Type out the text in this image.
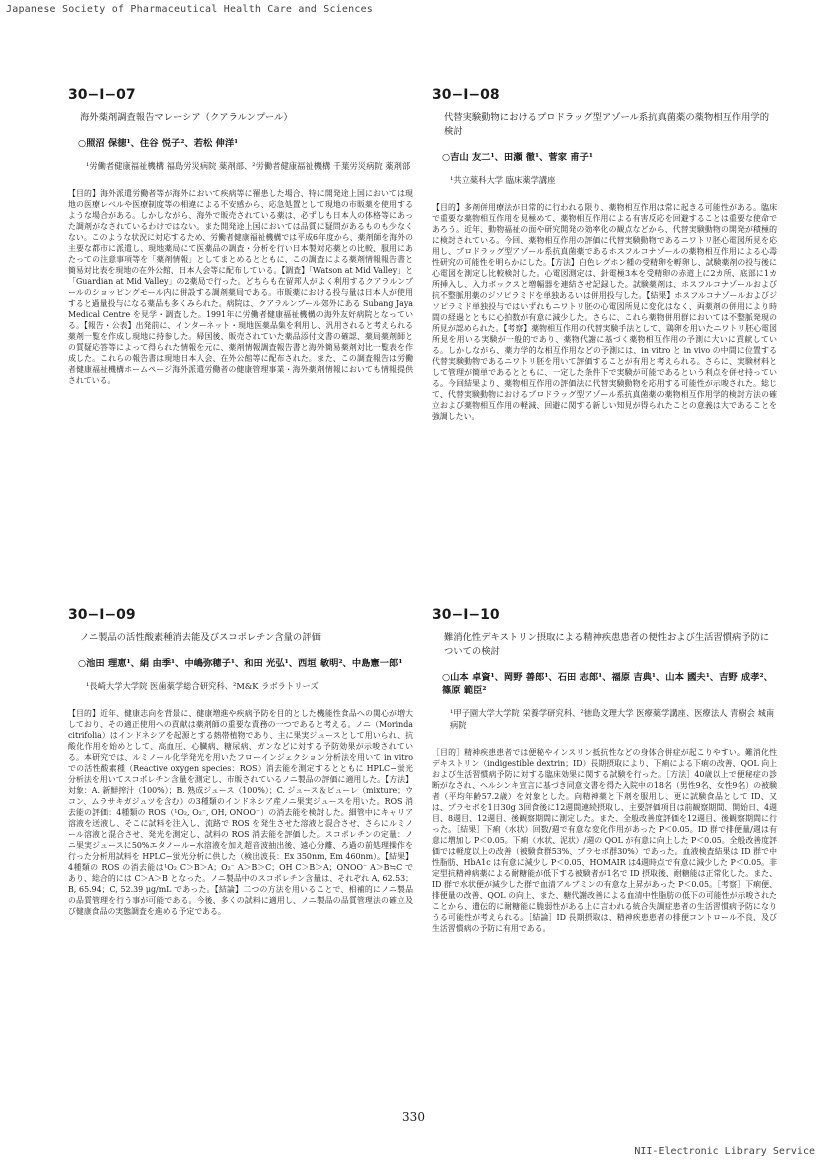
Japanese Society of Pharmaceutical Health Care and Sciences
30−I−07
海外薬剤調査報告マレーシア（クアラルンプール）
○照沼 保徳¹、住谷 悦子²、若松 伸洋¹
¹労働者健康福祉機構 福島労災病院 薬剤部、²労働者健康福祉機構 千葉労災病院 薬剤部

【目的】海外派遣労働者等が海外において疾病等に罹患した場合、特に開発途上国においては現地の医療レベルや医療制度等の相違による不安感から、応急処置として現地の市販薬を使用するような場合がある。しかしながら、海外で販売されている薬は、必ずしも日本人の体格等にあった調剤がなされているわけではない。また開発途上国においては品質に疑問があるものも少なくない。このような状況に対応するため、労働者健康福祉機構では平成6年度から、薬剤師を海外の主要な都市に派遣し、現地薬局にて医薬品の調査・分析を行い日本製対応薬との比較、服用にあたっての注意事項等を「薬剤情報」としてまとめるとともに、この調査による薬剤情報報告書と簡易対比表を現地の在外公館、日本人会等に配布している。【調査】「Watson at Mid Valley」と「Guardian at Mid Valley」の2薬局で行った。どちらも在留邦人がよく利用するクアラルンプールのショッピングモール内に併設する調剤薬局である。市販薬における投与量は日本人が使用すると過量投与になる薬品も多くみられた。病院は、クアラルンプール郊外にある Subang Jaya Medical Centre を見学・調査した。1991年に労働者健康福祉機構の海外友好病院となっている。【報告・公表】出発前に、インターネット・現地医薬品集を利用し、汎用されると考えられる薬剤一覧を作成し現地に持参した。帰国後、販売されていた薬品添付文書の確認、薬局薬剤師との質疑応答等によって得られた情報を元に、薬剤情報調査報告書と海外簡易薬剤対比一覧表を作成した。これらの報告書は現地日本人会、在外公館等に配布された。また、この調査報告は労働者健康福祉機構ホームページ海外派遣労働者の健康管理事業・海外薬剤情報においても情報提供されている。

30−I−08
代替実験動物におけるプロドラッグ型アゾール系抗真菌薬の薬物相互作用学的検討
○吉山 友二¹、田瀬 徹¹、菅家 甫子¹
¹共立薬科大学 臨床薬学講座

【目的】多剤併用療法が日常的に行われる限り、薬物相互作用は常に起きる可能性がある。臨床で重要な薬物相互作用を見極めて、薬物相互作用による有害反応を回避することは重要な使命であろう。近年、動物福祉の面や研究開発の効率化の観点などから、代替実験動物の開発が積極的に検討されている。今回、薬物相互作用の評価に代替実験動物であるニワトリ胚心電図所見を応用し、プロドラッグ型アゾール系抗真菌薬であるホスフルコナゾールの薬物相互作用による心毒性研究の可能性を明らかにした。【方法】白色レグホン種の受精卵を孵卵し、試験薬剤の投与後に心電図を測定し比較検討した。心電図測定は、針電極3本を受精卵の赤道上に2カ所、底部に1カ所挿入し、入力ボックスと増幅器を連結させ記録した。試験薬剤は、ホスフルコナゾールおよび抗不整脈用薬のジソピラミドを単独あるいは併用投与した。【結果】ホスフルコナゾールおよびジソピラミド単独投与ではいずれもニワトリ胚の心電図所見に変化はなく、両薬剤の併用により時間の経過とともに心拍数が有意に減少した。さらに、これら薬物併用群においては不整脈発現の所見が認められた。【考察】薬物相互作用の代替実験手法として、鶏卵を用いたニワトリ胚心電図所見を用いる実験が一般的であり、薬物代謝に基づく薬物相互作用の予測に大いに貢献している。しかしながら、薬力学的な相互作用などの予測には、in vitro と in vivo の中間に位置する代替実験動物であるニワトリ胚を用いて評価することが有用と考えられる。さらに、実験材料として管理が簡単であるとともに、一定した条件下で実験が可能であるという利点を併せ持っている。今回結果より、薬物相互作用の評価法に代替実験動物を応用する可能性が示唆された。総じて、代替実験動物におけるプロドラッグ型アゾール系抗真菌薬の薬物相互作用学的検討方法の確立および薬物相互作用の軽減、回避に関する新しい知見が得られたことの意義は大であることを強調したい。

30−I−09
ノニ製品の活性酸素種消去能及びスコポレチン含量の評価
○池田 理恵¹、絹 由季¹、中嶋弥穂子¹、和田 光弘¹、西垣 敏明²、中島憲一郎¹
¹長崎大学大学院 医歯薬学総合研究科、²M&K ラボラトリーズ

【目的】近年、健康志向を背景に、健康増進や疾病予防を目的とした機能性食品への関心が増大しており、その適正使用への貢献は薬剤師の重要な責務の一つであると考える。ノニ（Morinda citrifolia）はインドネシアを起源とする熱帯植物であり、主に果実ジュースとして用いられ、抗酸化作用を始めとして、高血圧、心臓病、糖尿病、ガンなどに対する予防効果が示唆されている。本研究では、ルミノール化学発光を用いたフローインジェクション分析法を用いて in vitro での活性酸素種（Reactive oxygen species：ROS）消去能を測定するとともに HPLC−蛍光分析法を用いてスコポレチン含量を測定し、市販されているノニ製品の評価に適用した。【方法】対象：A. 新鮮搾汁（100%）；B. 熟成ジュース（100%）；C. ジュース＆ピューレ（mixture；ウコン、ムラサキガジュツを含む）の3種類のインドネシア産ノニ果実ジュースを用いた。ROS 消去能の評価：4種類の ROS（¹O₂, O₂⁻, OH, ONOO⁻）の消去能を検討した。細管中にキャリア溶液を送液し、そこに試料を注入し、流路で ROS を発生させた溶液と混合させ、さらにルミノール溶液と混合させ、発光を測定し、試料の ROS 消去能を評価した。スコポレチンの定量：ノニ果実ジュースに50%エタノール−水溶液を加え超音波抽出後、遠心分離、ろ過の前処理操作を行った分析用試料を HPLC−蛍光分析に供した（検出波長：Ex 350nm, Em 460nm）。【結果】4種類の ROS の消去能は¹O₂ C＞B＞A；O₂⁻ A＞B＞C；OH C＞B＞A；ONOO⁻ A＞B≒C であり、総合的には C＞A＞B となった。ノニ製品中のスコポレチン含量は、それぞれ A, 62.53；B, 65.94；C, 52.39 μg/mL であった。【結論】二つの方法を用いることで、相補的にノニ製品の品質管理を行う事が可能である。今後、多くの試料に適用し、ノニ製品の品質管理法の確立及び健康食品の実態調査を進める予定である。

30−I−10
難消化性デキストリン摂取による精神疾患患者の便性および生活習慣病予防についての検討
○山本 卓資¹、岡野 善郎¹、石田 志郎¹、福原 吉典¹、山本 國夫¹、吉野 成孝²、篠原 範臣²
¹甲子園大学大学院 栄養学研究科、²徳島文理大学 医療薬学講座、医療法人 青樹会 城南病院

［目的］精神疾患患者では便秘やインスリン抵抗性などの身体合併症が起こりやすい。難消化性デキストリン（indigestible dextrin；ID）長期摂取により、下痢による下痢の改善、QOL 向上および生活習慣病予防に対する臨床効果に関する試験を行った。［方法］40歳以上で便秘症の診断がなされ、ヘルシンキ宣言に基づき同意文書を得た入院中の18名（男性9名、女性9名）の被験者（平均年齢57.2歳）を対象とした。向精神薬と下剤を服用し、更に試験食品として ID、又は、プラセボを1日30g 3回食後に12週間連続摂取し、主要評価項目は前観察期間、開始日、4週目、8週目、12週目、後観察期間に測定した。また、全般改善度評価を12週目、後観察期間に行った。［結果］下痢（水状）回数/週で有意な変化作用があった P＜0.05。ID 群で排便量/週は有意に増加し P＜0.05。下痢（水状、泥状）/週の QOL が有意に向上した P＜0.05。全般改善度評価では軽度以上の改善（被験食群53%、プラセボ群30%）であった。血液検査結果は ID 群で中性脂肪、HbA1c は有意に減少し P＜0.05、HOMAIR は4週時点で有意に減少した P＜0.05。非定型抗精神病薬による耐糖能が低下する被験者が1名で ID 摂取後、耐糖能は正常化した。また、ID 群で水状便が減少した群で血清アルブミンの有意な上昇があった P＜0.05。［考察］下痢便、排便量の改善、QOL の向上、また、糖代謝改善による血清中性脂肪の低下の可能性が示唆されたことから、遺伝的に耐糖能に脆弱性がある上に言われる統合失調症患者の生活習慣病予防になりうる可能性が考えられる。［結論］ID 長期摂取は、精神疾患患者の排便コントロール不良、及び生活習慣病の予防に有用である。

330
NII-Electronic Library Service
